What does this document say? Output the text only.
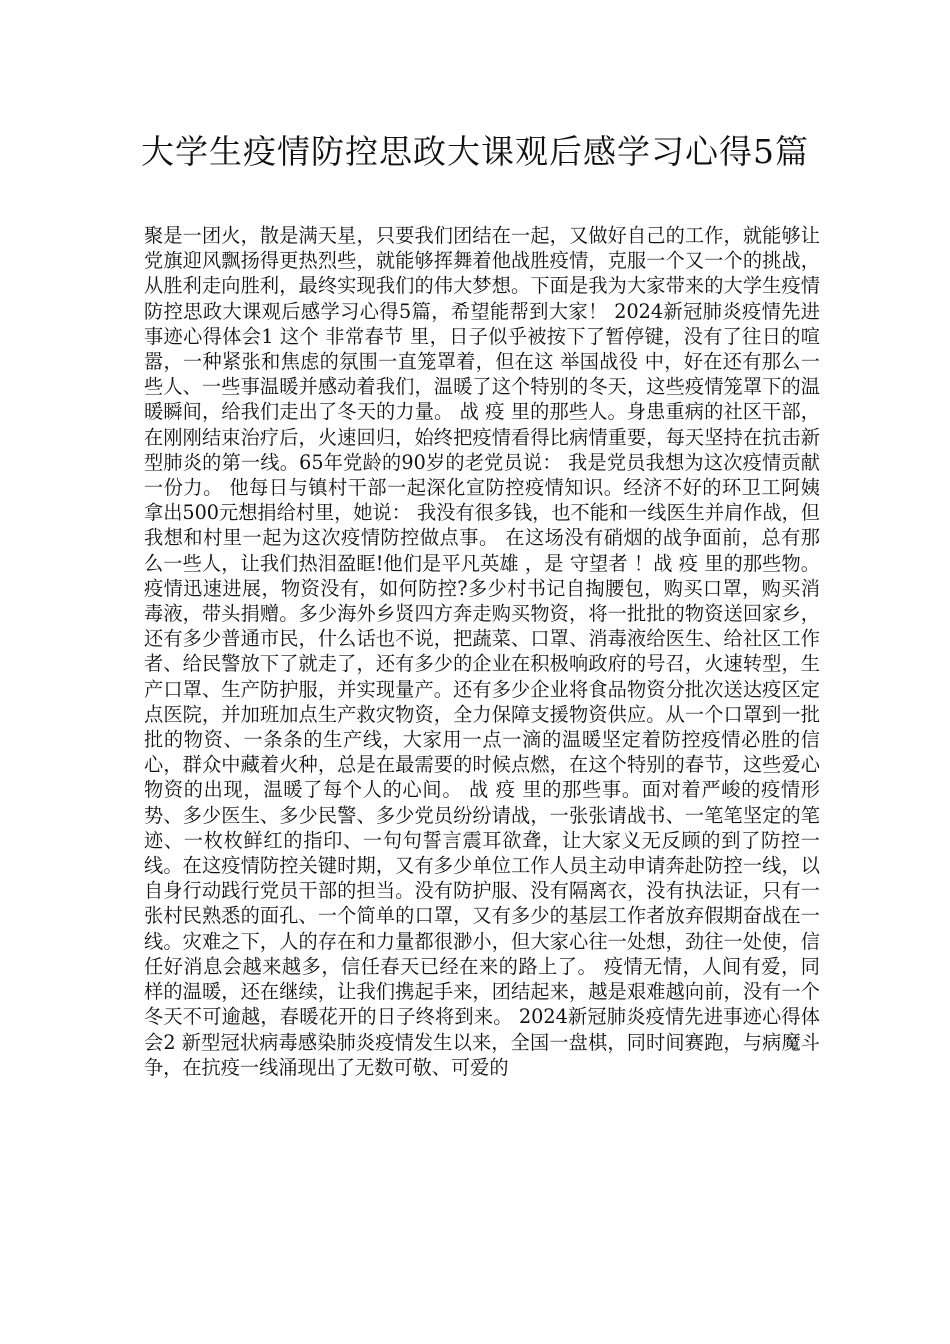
大学生疫情防控思政大课观后感学习心得5篇

聚是一团火，散是满天星，只要我们团结在一起，又做好自己的工作，就能够让党旗迎风飘扬得更热烈些，就能够挥舞着他战胜疫情，克服一个又一个的挑战，从胜利走向胜利，最终实现我们的伟大梦想。下面是我为大家带来的大学生疫情防控思政大课观后感学习心得5篇，希望能帮到大家！ 2024新冠肺炎疫情先进事迹心得体会1 这个 非常春节 里，日子似乎被按下了暂停键，没有了往日的喧嚣，一种紧张和焦虑的氛围一直笼罩着，但在这 举国战役 中，好在还有那么一些人、一些事温暖并感动着我们，温暖了这个特别的冬天，这些疫情笼罩下的温暖瞬间，给我们走出了冬天的力量。 战 疫 里的那些人。身患重病的社区干部，在刚刚结束治疗后，火速回归，始终把疫情看得比病情重要，每天坚持在抗击新型肺炎的第一线。65年党龄的90岁的老党员说： 我是党员我想为这次疫情贡献一份力。 他每日与镇村干部一起深化宣防控疫情知识。经济不好的环卫工阿姨拿出500元想捐给村里，她说： 我没有很多钱，也不能和一线医生并肩作战，但我想和村里一起为这次疫情防控做点事。 在这场没有硝烟的战争面前，总有那么一些人，让我们热泪盈眶!他们是平凡英雄 ，是 守望者 ！战 疫 里的那些物。疫情迅速进展，物资没有，如何防控?多少村书记自掏腰包，购买口罩，购买消毒液，带头捐赠。多少海外乡贤四方奔走购买物资，将一批批的物资送回家乡，还有多少普通市民，什么话也不说，把蔬菜、口罩、消毒液给医生、给社区工作者、给民警放下了就走了，还有多少的企业在积极响政府的号召，火速转型，生产口罩、生产防护服，并实现量产。还有多少企业将食品物资分批次送达疫区定点医院，并加班加点生产救灾物资，全力保障支援物资供应。从一个口罩到一批批的物资、一条条的生产线，大家用一点一滴的温暖坚定着防控疫情必胜的信心，群众中藏着火种，总是在最需要的时候点燃，在这个特别的春节，这些爱心物资的出现，温暖了每个人的心间。 战 疫 里的那些事。面对着严峻的疫情形势、多少医生、多少民警、多少党员纷纷请战，一张张请战书、一笔笔坚定的笔迹、一枚枚鲜红的指印、一句句誓言震耳欲聋，让大家义无反顾的到了防控一线。在这疫情防控关键时期，又有多少单位工作人员主动申请奔赴防控一线，以自身行动践行党员干部的担当。没有防护服、没有隔离衣，没有执法证，只有一张村民熟悉的面孔、一个简单的口罩，又有多少的基层工作者放弃假期奋战在一线。灾难之下，人的存在和力量都很渺小，但大家心往一处想，劲往一处使，信任好消息会越来越多，信任春天已经在来的路上了。 疫情无情，人间有爱，同样的温暖，还在继续，让我们携起手来，团结起来，越是艰难越向前，没有一个冬天不可逾越，春暖花开的日子终将到来。 2024新冠肺炎疫情先进事迹心得体会2 新型冠状病毒感染肺炎疫情发生以来，全国一盘棋，同时间赛跑，与病魔斗争，在抗疫一线涌现出了无数可敬、可爱的
